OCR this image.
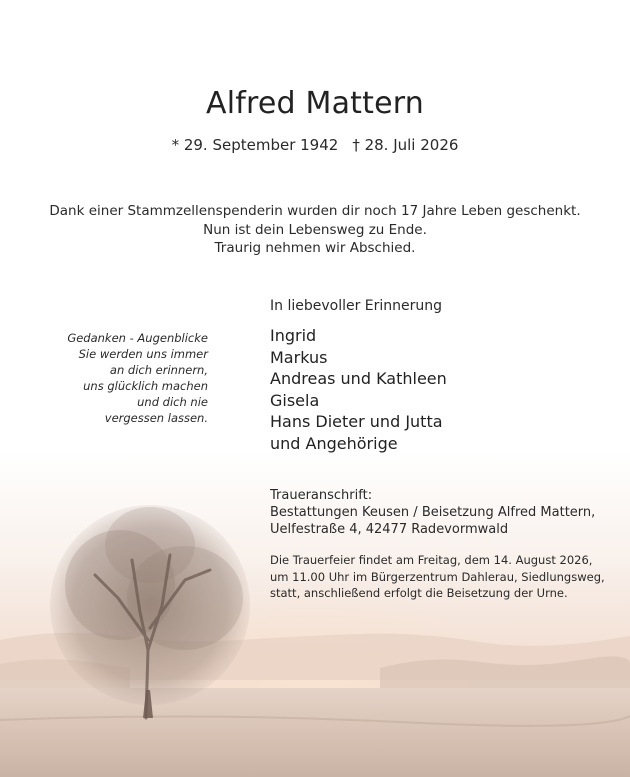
Alfred Mattern
* 29. September 1942 † 28. Juli 2026
Dank einer Stammzellenspenderin wurden dir noch 17 Jahre Leben geschenkt.
Nun ist dein Lebensweg zu Ende.
Traurig nehmen wir Abschied.
In liebevoller Erinnerung
Gedanken - Augenblicke
Sie werden uns immer
an dich erinnern,
uns glücklich machen
und dich nie
vergessen lassen.
Ingrid
Markus
Andreas und Kathleen
Gisela
Hans Dieter und Jutta
und Angehörige
Traueranschrift:
Bestattungen Keusen / Beisetzung Alfred Mattern,
Uelfestraße 4, 42477 Radevormwald
Die Trauerfeier findet am Freitag, dem 14. August 2026,
um 11.00 Uhr im Bürgerzentrum Dahlerau, Siedlungsweg,
statt, anschließend erfolgt die Beisetzung der Urne.
